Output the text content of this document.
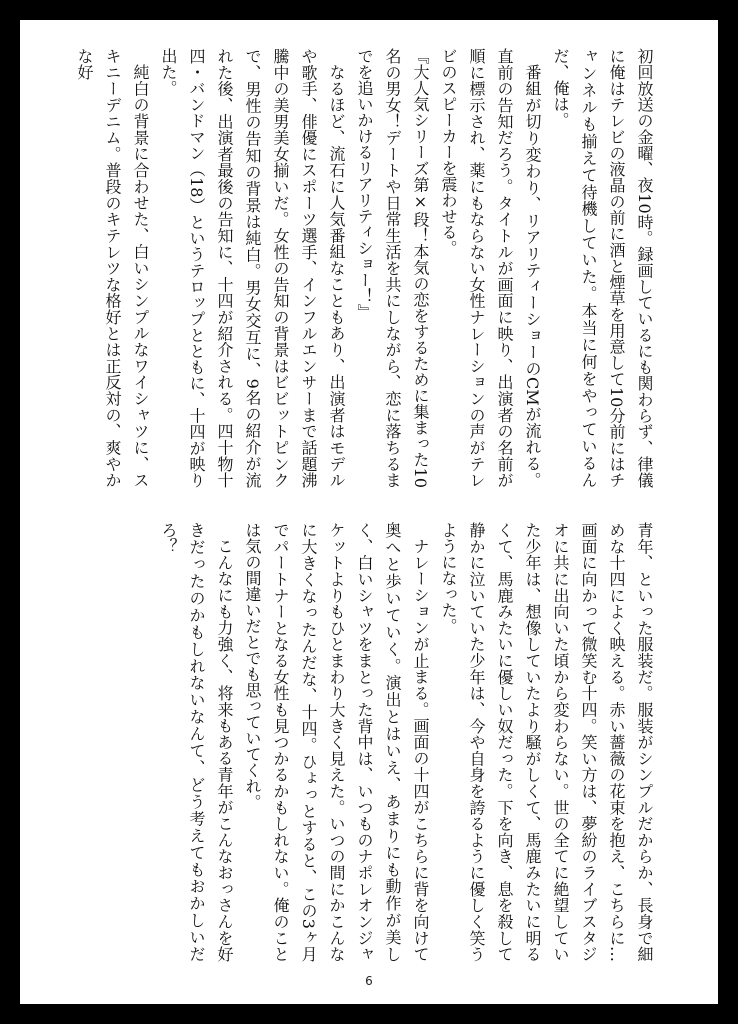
初回放送の金曜、夜10時。録画しているにも関わらず、律儀に俺はテレビの液晶の前に酒と煙草を用意して10分前にはチャンネルも揃えて待機していた。本当に何をやっているんだ、俺は。

番組が切り変わり、リアリティーショーのCMが流れる。直前の告知だろう。タイトルが画面に映り、出演者の名前が順に標示され、薬にもならない女性ナレーションの声がテレビのスピーカーを震わせる。

『大人気シリーズ第×段！本気の恋をするために集まった10名の男女！デートや日常生活を共にしながら、恋に落ちるまでを追いかけるリアリティショー！』

なるほど、流石に人気番組なこともあり、出演者はモデルや歌手、俳優にスポーツ選手、インフルエンサーまで話題沸騰中の美男美女揃いだ。女性の告知の背景はビビットピンクで、男性の告知の背景は純白。男女交互に、9名の紹介が流れた後、出演者最後の告知に、十四が紹介される。四十物十四・バンドマン（18）というテロップとともに、十四が映り出た。

純白の背景に合わせた、白いシンプルなワイシャツに、スキニーデニム。普段のキテレツな格好とは正反対の、爽やかな好

青年、といった服装だ。服装がシンプルだからか、長身で細めな十四によく映える。赤い薔薇の花束を抱え、こちらに…画面に向かって微笑む十四。笑い方は、夢紛のライブスタジオに共に出向いた頃から変わらない。世の全てに絶望していた少年は、想像していたより騒がしくて、馬鹿みたいに明るくて、馬鹿みたいに優しい奴だった。下を向き、息を殺して静かに泣いていた少年は、今や自身を誇るように優しく笑うようになった。

ナレーションが止まる。画面の十四がこちらに背を向けて奥へと歩いていく。演出とはいえ、あまりにも動作が美しく、白いシャツをまとった背中は、いつものナポレオンジャケットよりもひとまわり大きく見えた。いつの間にかこんなに大きくなったんだな、十四。ひょっとすると、この3ヶ月でパートナーとなる女性も見つかるかもしれない。俺のことは気の間違いだとでも思っていてくれ。

こんなにも力強く、将来もある青年がこんなおっさんを好きだったのかもしれないなんて、どう考えてもおかしいだろ？

6
